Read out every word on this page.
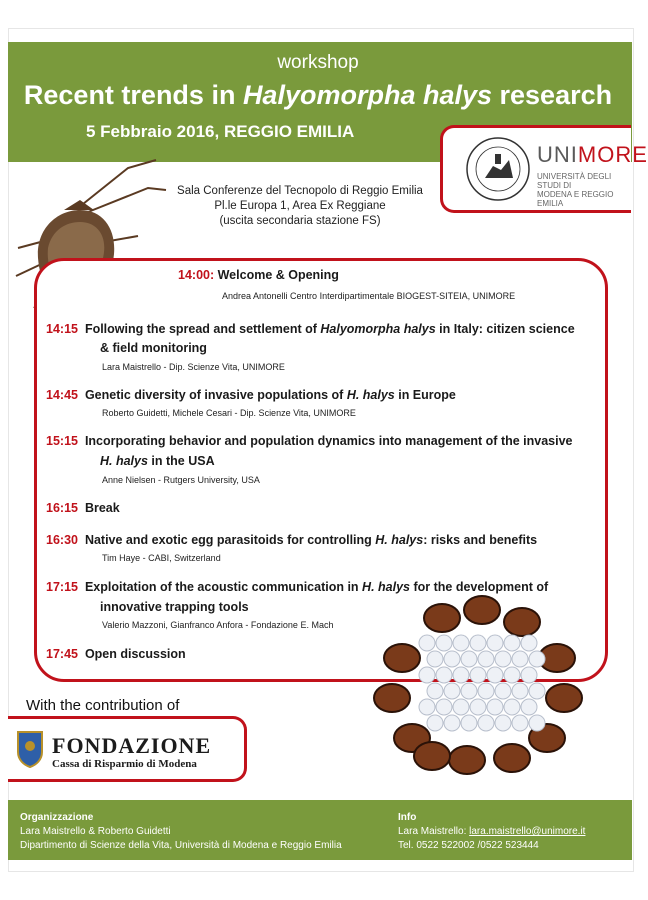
workshop
Recent trends in Halyomorpha halys research
5 Febbraio 2016, REGGIO EMILIA
UNIMORE
UNIVERSITÀ DEGLI STUDI DI
MODENA E REGGIO EMILIA
Sala Conferenze del Tecnopolo di Reggio Emilia
Pl.le Europa 1, Area Ex Reggiane
(uscita secondaria stazione FS)
14:00: Welcome & Opening
Andrea Antonelli Centro Interdipartimentale BIOGEST-SITEIA, UNIMORE
14:15 Following the spread and settlement of Halyomorpha halys in Italy: citizen science
& field monitoring
Lara Maistrello - Dip. Scienze Vita, UNIMORE
14:45 Genetic diversity of invasive populations of H. halys in Europe
Roberto Guidetti, Michele Cesari - Dip. Scienze Vita, UNIMORE
15:15 Incorporating behavior and population dynamics into management of the invasive
H. halys in the USA
Anne Nielsen - Rutgers University, USA
16:15 Break
16:30 Native and exotic egg parasitoids for controlling H. halys: risks and benefits
Tim Haye - CABI, Switzerland
17:15 Exploitation of the acoustic communication in H. halys for the development of
innovative trapping tools
Valerio Mazzoni, Gianfranco Anfora - Fondazione E. Mach
17:45 Open discussion
With the contribution of
FONDAZIONE
Cassa di Risparmio di Modena
Organizzazione
Lara Maistrello & Roberto Guidetti
Dipartimento di Scienze della Vita, Università di Modena e Reggio Emilia
Info
Lara Maistrello: lara.maistrello@unimore.it
Tel. 0522 522002 /0522 523444
